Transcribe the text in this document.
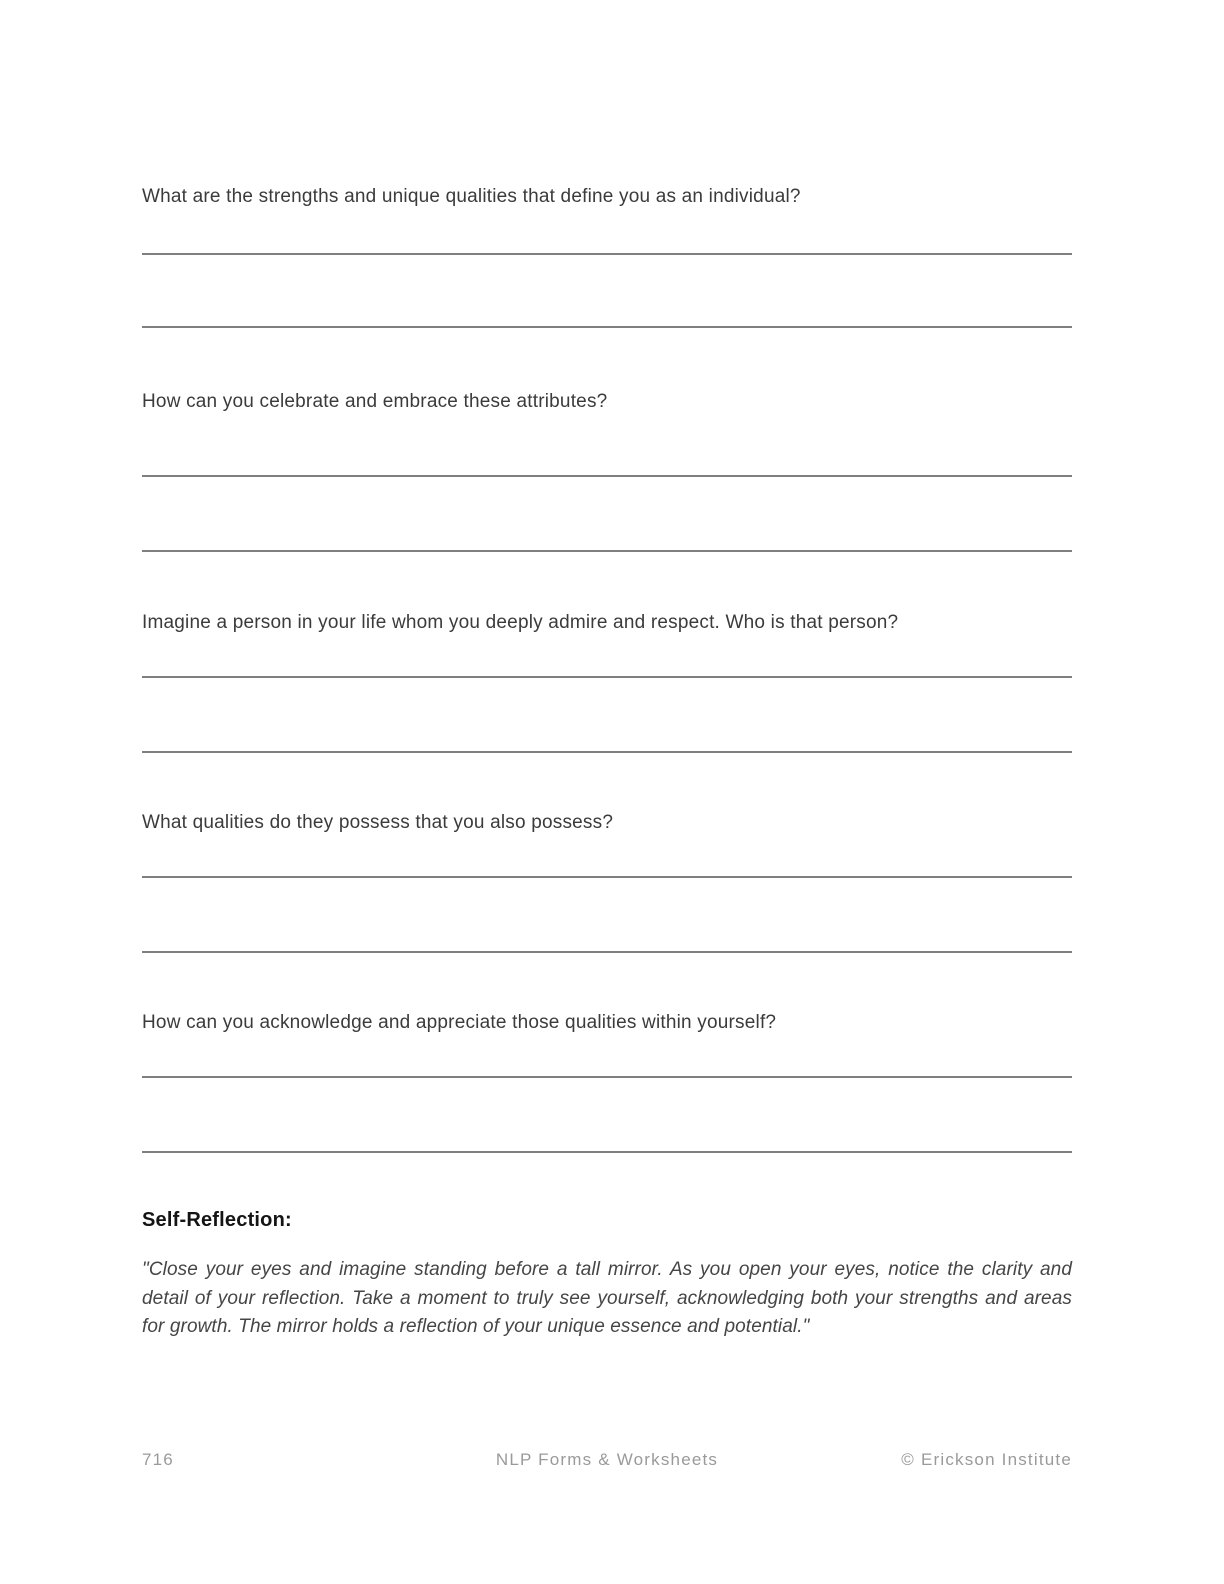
What are the strengths and unique qualities that define you as an individual?

How can you celebrate and embrace these attributes?

Imagine a person in your life whom you deeply admire and respect. Who is that person?

What qualities do they possess that you also possess?

How can you acknowledge and appreciate those qualities within yourself?

Self-Reflection:

"Close your eyes and imagine standing before a tall mirror. As you open your eyes, notice the clarity and detail of your reflection. Take a moment to truly see yourself, acknowledging both your strengths and areas for growth. The mirror holds a reflection of your unique essence and potential."

716	NLP Forms & Worksheets	© Erickson Institute
